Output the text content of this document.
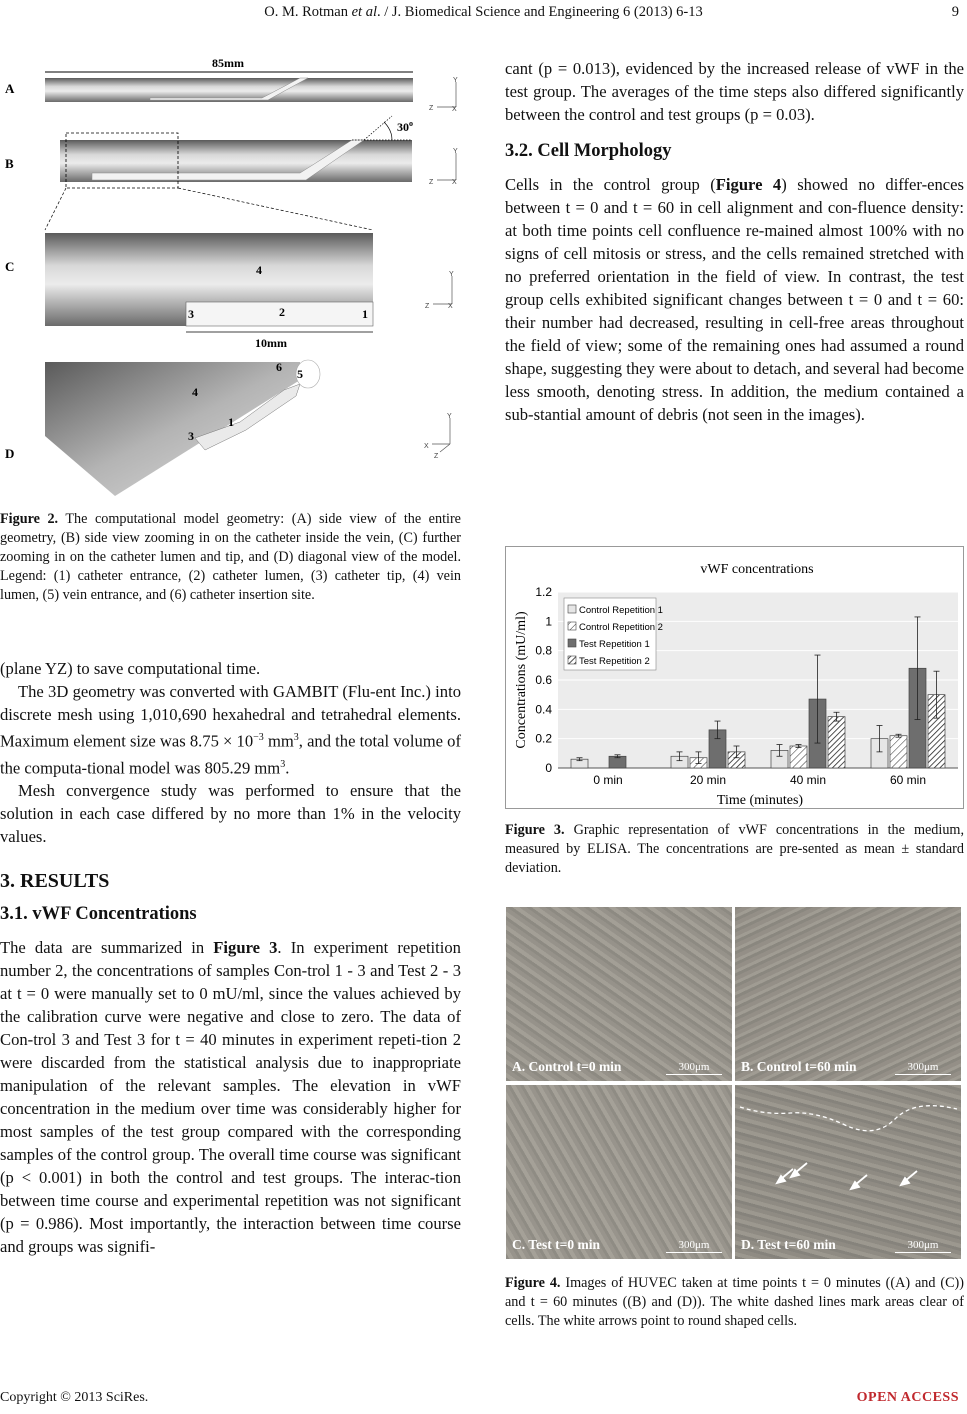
O. M. Rotman et al. / J. Biomedical Science and Engineering 6 (2013) 6-13	9
85mm
A
Y
Z	X
B
30$^o$
Y
Z	X
C	4
3	2	1
10mm
Y
Z	X
D
6 5
4
1
3
Y
X
Z
Figure 2. The computational model geometry: (A) side view of the entire geometry, (B) side view zooming in on the catheter inside the vein, (C) further zooming in on the catheter lumen and tip, and (D) diagonal view of the model. Legend: (1) catheter entrance, (2) catheter lumen, (3) catheter tip, (4) vein lumen, (5) vein entrance, and (6) catheter insertion site.

(plane YZ) to save computational time.

The 3D geometry was converted with GAMBIT (Flu-ent Inc.) into discrete mesh using 1,010,690 hexahedral and tetrahedral elements. Maximum element size was $8.75 \times 10^{-3}$ $mm^3$, and the total volume of the computa-tional model was 805.29 $mm^3$.

Mesh convergence study was performed to ensure that the solution in each case differed by no more than 1% in the velocity values.

3. RESULTS

3.1. vWF Concentrations

The data are summarized in Figure 3. In experiment repetition number 2, the concentrations of samples Con-trol 1 - 3 and Test 2 - 3 at t = 0 were manually set to 0 mU/ml, since the values achieved by the calibration curve were negative and close to zero. The data of Con-trol 3 and Test 3 for t = 40 minutes in experiment repeti-tion 2 were discarded from the statistical analysis due to inappropriate manipulation of the relevant samples. The elevation in vWF concentration in the medium over time was considerably higher for most samples of the test group compared with the corresponding samples of the control group. The overall time course was significant (p < 0.001) in both the control and test groups. The interac-tion between time course and experimental repetition was not significant (p = 0.986). Most importantly, the interaction between time course and groups was signifi-

cant (p = 0.013), evidenced by the increased release of vWF in the test group. The averages of the time steps also differed significantly between the control and test groups (p = 0.03).

3.2. Cell Morphology

Cells in the control group (Figure 4) showed no differ-ences between t = 0 and t = 60 in cell alignment and con-fluence density: at both time points cell confluence re-mained almost 100% with no signs of cell mitosis or stress, and the cells remained stretched with no preferred orientation in the field of view. In contrast, the test group cells exhibited significant changes between t = 0 and t = 60: their number had decreased, resulting in cell-free areas throughout the field of view; some of the remaining ones had assumed a round shape, suggesting they were about to detach, and several had become less smooth, denoting stress. In addition, the medium contained a sub-stantial amount of debris (not seen in the images).

vWF concentrations
Time (minutes)
Concentrations (mU/ml)
0
0.2
0.4
0.6
0.8
1
1.2
0 min	20 min	40 min	60 min
Control Repetition 1
Control Repetition 2
Test Repetition 1
Test Repetition 2
Figure 3. Graphic representation of vWF concentrations in the medium, measured by ELISA. The concentrations are pre-sented as mean ± standard deviation.
A. Control t=0 min	300μm	B. Control t=60 min	300μm
C. Test t=0 min	300μm	D. Test t=60 min	300μm
Figure 4. Images of HUVEC taken at time points t = 0 minutes ((A) and (C)) and t = 60 minutes ((B) and (D)). The white dashed lines mark areas clear of cells. The white arrows point to round shaped cells.
Copyright © 2013 SciRes.	OPEN ACCESS
